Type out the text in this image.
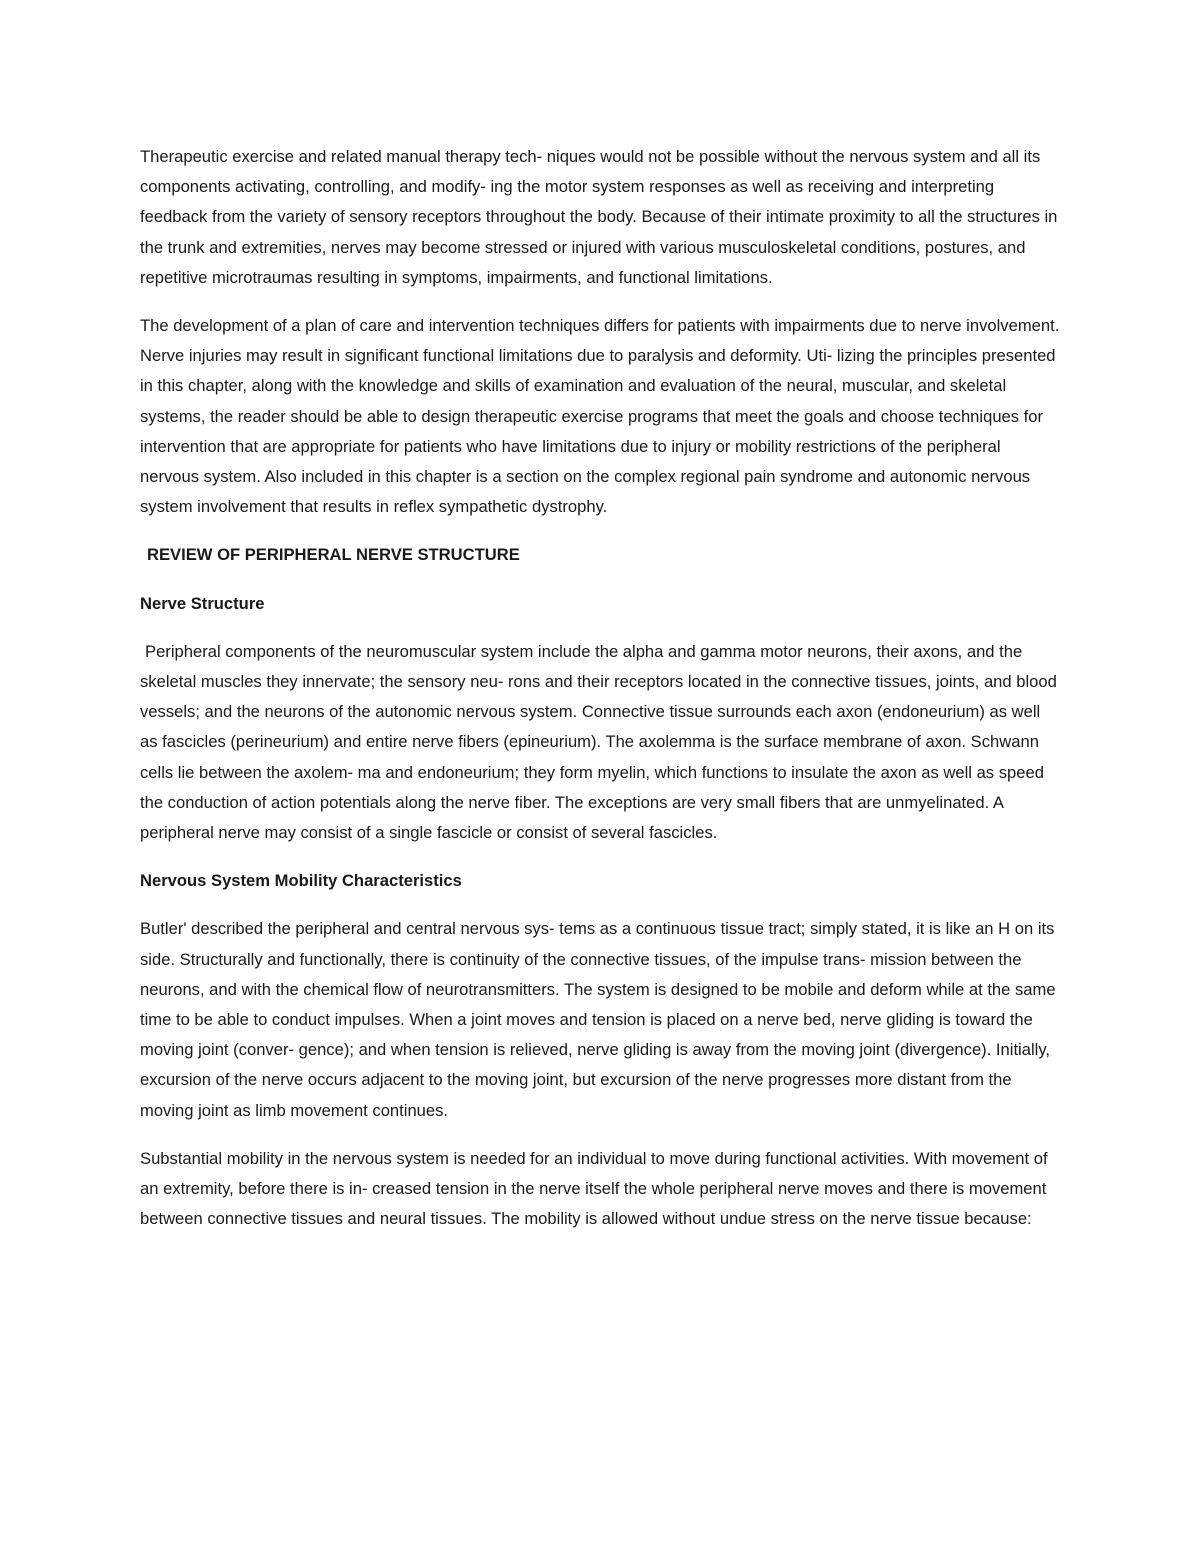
Therapeutic exercise and related manual therapy tech- niques would not be possible without the nervous system and all its components activating, controlling, and modify- ing the motor system responses as well as receiving and interpreting feedback from the variety of sensory receptors throughout the body. Because of their intimate proximity to all the structures in the trunk and extremities, nerves may become stressed or injured with various musculoskeletal conditions, postures, and repetitive microtraumas resulting in symptoms, impairments, and functional limitations.

The development of a plan of care and intervention techniques differs for patients with impairments due to nerve involvement. Nerve injuries may result in significant functional limitations due to paralysis and deformity. Uti- lizing the principles presented in this chapter, along with the knowledge and skills of examination and evaluation of the neural, muscular, and skeletal systems, the reader should be able to design therapeutic exercise programs that meet the goals and choose techniques for intervention that are appropriate for patients who have limitations due to injury or mobility restrictions of the peripheral nervous system. Also included in this chapter is a section on the complex regional pain syndrome and autonomic nervous system involvement that results in reflex sympathetic dystrophy.

REVIEW OF PERIPHERAL NERVE STRUCTURE

Nerve Structure

Peripheral components of the neuromuscular system include the alpha and gamma motor neurons, their axons, and the skeletal muscles they innervate; the sensory neu- rons and their receptors located in the connective tissues, joints, and blood vessels; and the neurons of the autonomic nervous system. Connective tissue surrounds each axon (endoneurium) as well as fascicles (perineurium) and entire nerve fibers (epineurium). The axolemma is the surface membrane of axon. Schwann cells lie between the axolem- ma and endoneurium; they form myelin, which functions to insulate the axon as well as speed the conduction of action potentials along the nerve fiber. The exceptions are very small fibers that are unmyelinated. A peripheral nerve may consist of a single fascicle or consist of several fascicles.

Nervous System Mobility Characteristics

Butler' described the peripheral and central nervous sys- tems as a continuous tissue tract; simply stated, it is like an H on its side. Structurally and functionally, there is continuity of the connective tissues, of the impulse trans- mission between the neurons, and with the chemical flow of neurotransmitters. The system is designed to be mobile and deform while at the same time to be able to conduct impulses. When a joint moves and tension is placed on a nerve bed, nerve gliding is toward the moving joint (conver- gence); and when tension is relieved, nerve gliding is away from the moving joint (divergence). Initially, excursion of the nerve occurs adjacent to the moving joint, but excursion of the nerve progresses more distant from the moving joint as limb movement continues.

Substantial mobility in the nervous system is needed for an individual to move during functional activities. With movement of an extremity, before there is in- creased tension in the nerve itself the whole peripheral nerve moves and there is movement between connective tissues and neural tissues. The mobility is allowed without undue stress on the nerve tissue because:
